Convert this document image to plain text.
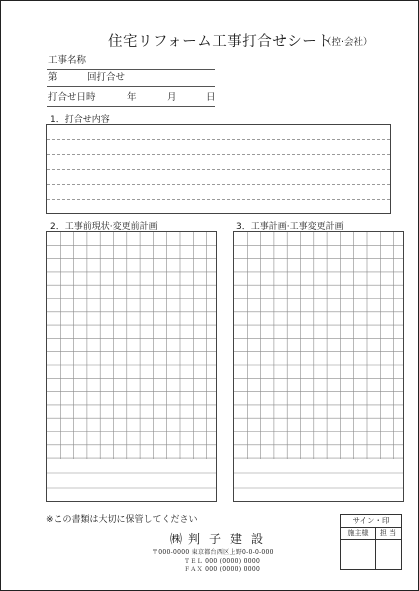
住宅リフォーム工事打合せシート
（控·会社）
工事名称
第	回打合せ
打合せ日時	年	月	日
1．打合せ内容
2．工事前現状·変更前計画	3．工事計画·工事変更計画
※この書類は大切に保管してください
㈱ 判子建設
〒000-0000 東京都台西区上野0-0-0-000
ＴＥＬ 000 (0000) 0000
ＦＡＸ 000 (0000) 0000
サイン・印
施主様	担 当
